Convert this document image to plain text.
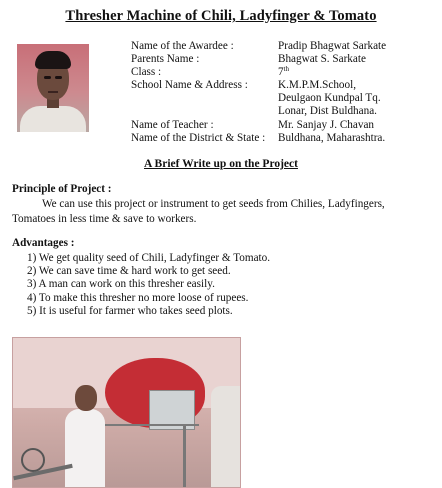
Thresher Machine of Chili, Ladyfinger & Tomato
Name of the Awardee :	Pradip Bhagwat Sarkate
Parents Name :	Bhagwat S. Sarkate
Class :	7th
School Name & Address :	K.M.P.M.School,
Deulgaon Kundpal Tq.
Lonar, Dist Buldhana.
Name of Teacher :	Mr. Sanjay J. Chavan
Name of the District & State : Buldhana, Maharashtra.
A Brief Write up on the Project
Principle of Project :
We can use this project or instrument to get seeds from Chilies, Ladyfingers,
Tomatoes in less time & save to workers.
Advantages :
1) We get quality seed of Chili, Ladyfinger & Tomato.
2) We can save time & hard work to get seed.
3) A man can work on this thresher easily.
4) To make this thresher no more loose of rupees.
5) It is useful for farmer who takes seed plots.
